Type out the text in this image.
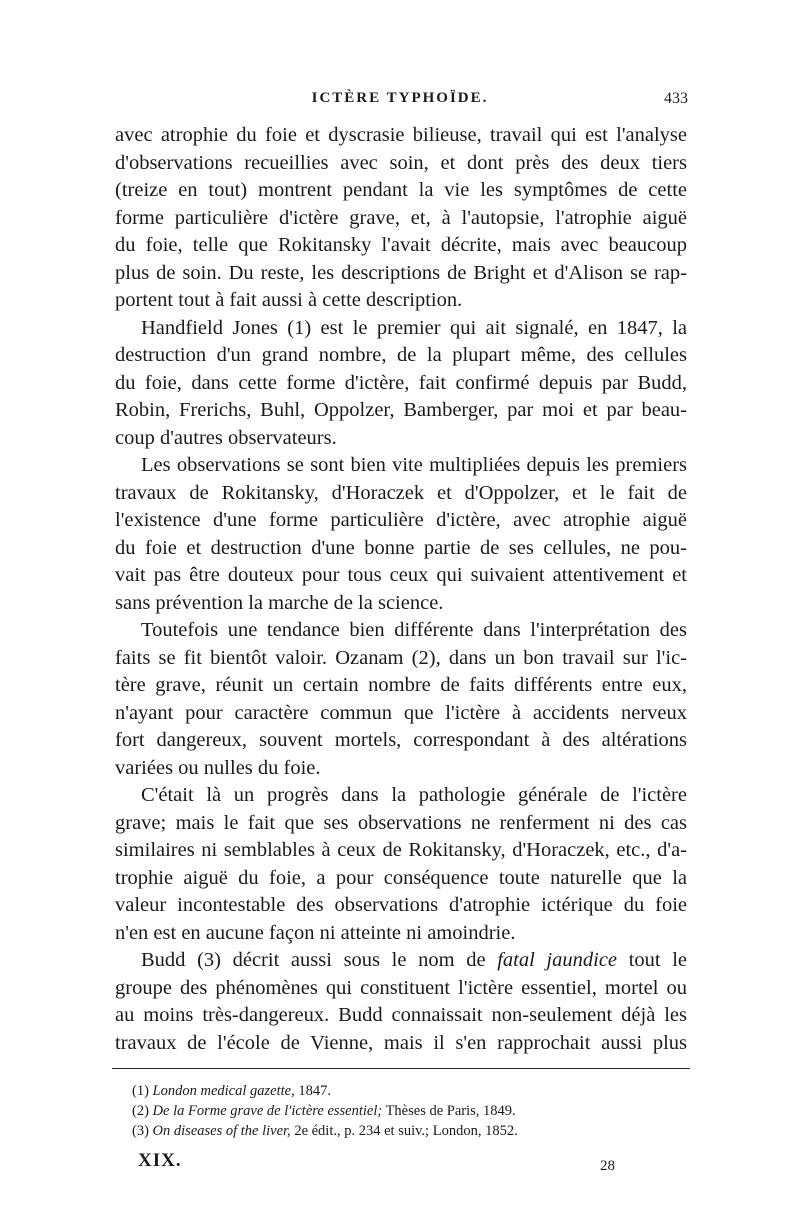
ICTÈRE TYPHOÏDE.	433
avec atrophie du foie et dyscrasie bilieuse, travail qui est l'analyse
d'observations recueillies avec soin, et dont près des deux tiers
(treize en tout) montrent pendant la vie les symptômes de cette
forme particulière d'ictère grave, et, à l'autopsie, l'atrophie aiguë
du foie, telle que Rokitansky l'avait décrite, mais avec beaucoup
plus de soin. Du reste, les descriptions de Bright et d'Alison se rap-
portent tout à fait aussi à cette description.
Handfield Jones (1) est le premier qui ait signalé, en 1847, la
destruction d'un grand nombre, de la plupart même, des cellules
du foie, dans cette forme d'ictère, fait confirmé depuis par Budd,
Robin, Frerichs, Buhl, Oppolzer, Bamberger, par moi et par beau-
coup d'autres observateurs.
Les observations se sont bien vite multipliées depuis les premiers
travaux de Rokitansky, d'Horaczek et d'Oppolzer, et le fait de
l'existence d'une forme particulière d'ictère, avec atrophie aiguë
du foie et destruction d'une bonne partie de ses cellules, ne pou-
vait pas être douteux pour tous ceux qui suivaient attentivement et
sans prévention la marche de la science.
Toutefois une tendance bien différente dans l'interprétation des
faits se fit bientôt valoir. Ozanam (2), dans un bon travail sur l'ic-
tère grave, réunit un certain nombre de faits différents entre eux,
n'ayant pour caractère commun que l'ictère à accidents nerveux
fort dangereux, souvent mortels, correspondant à des altérations
variées ou nulles du foie.
C'était là un progrès dans la pathologie générale de l'ictère
grave; mais le fait que ses observations ne renferment ni des cas
similaires ni semblables à ceux de Rokitansky, d'Horaczek, etc., d'a-
trophie aiguë du foie, a pour conséquence toute naturelle que la
valeur incontestable des observations d'atrophie ictérique du foie
n'en est en aucune façon ni atteinte ni amoindrie.
Budd (3) décrit aussi sous le nom de fatal jaundice tout le
groupe des phénomènes qui constituent l'ictère essentiel, mortel ou
au moins très-dangereux. Budd connaissait non-seulement déjà les
travaux de l'école de Vienne, mais il s'en rapprochait aussi plus
(1) London medical gazette, 1847.
(2) De la Forme grave de l'ictère essentiel; Thèses de Paris, 1849.
(3) On diseases of the liver, 2e édit., p. 234 et suiv.; London, 1852.
XIX.	28
